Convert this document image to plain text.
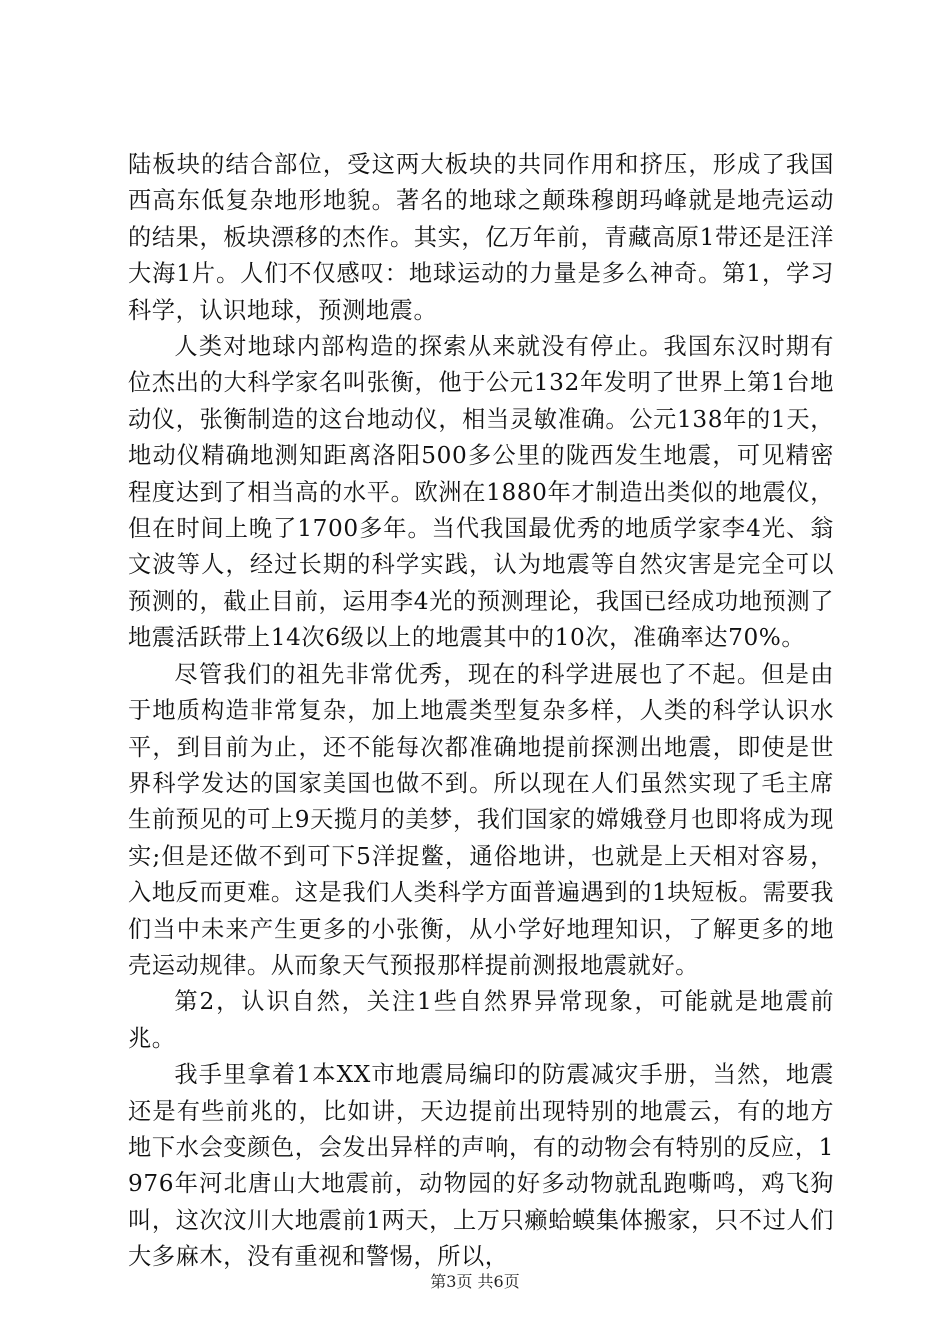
陆板块的结合部位，受这两大板块的共同作用和挤压，形成了我国西高东低复杂地形地貌。著名的地球之颠珠穆朗玛峰就是地壳运动的结果，板块漂移的杰作。其实，亿万年前，青藏高原1带还是汪洋大海1片。人们不仅感叹：地球运动的力量是多么神奇。第1，学习科学，认识地球，预测地震。

人类对地球内部构造的探索从来就没有停止。我国东汉时期有位杰出的大科学家名叫张衡，他于公元132年发明了世界上第1台地动仪，张衡制造的这台地动仪，相当灵敏准确。公元138年的1天，地动仪精确地测知距离洛阳500多公里的陇西发生地震，可见精密程度达到了相当高的水平。欧洲在1880年才制造出类似的地震仪，但在时间上晚了1700多年。当代我国最优秀的地质学家李4光、翁文波等人，经过长期的科学实践，认为地震等自然灾害是完全可以预测的，截止目前，运用李4光的预测理论，我国已经成功地预测了地震活跃带上14次6级以上的地震其中的10次，准确率达70%。

尽管我们的祖先非常优秀，现在的科学进展也了不起。但是由于地质构造非常复杂，加上地震类型复杂多样，人类的科学认识水平，到目前为止，还不能每次都准确地提前探测出地震，即使是世界科学发达的国家美国也做不到。所以现在人们虽然实现了毛主席生前预见的可上9天揽月的美梦，我们国家的嫦娥登月也即将成为现实;但是还做不到可下5洋捉鳖，通俗地讲，也就是上天相对容易，入地反而更难。这是我们人类科学方面普遍遇到的1块短板。需要我们当中未来产生更多的小张衡，从小学好地理知识，了解更多的地壳运动规律。从而象天气预报那样提前测报地震就好。

第2，认识自然，关注1些自然界异常现象，可能就是地震前兆。

我手里拿着1本XX市地震局编印的防震减灾手册，当然，地震还是有些前兆的，比如讲，天边提前出现特别的地震云，有的地方地下水会变颜色，会发出异样的声响，有的动物会有特别的反应，1976年河北唐山大地震前，动物园的好多动物就乱跑嘶鸣，鸡飞狗叫，这次汶川大地震前1两天，上万只癞蛤蟆集体搬家，只不过人们大多麻木，没有重视和警惕，所以，

第3页 共6页
